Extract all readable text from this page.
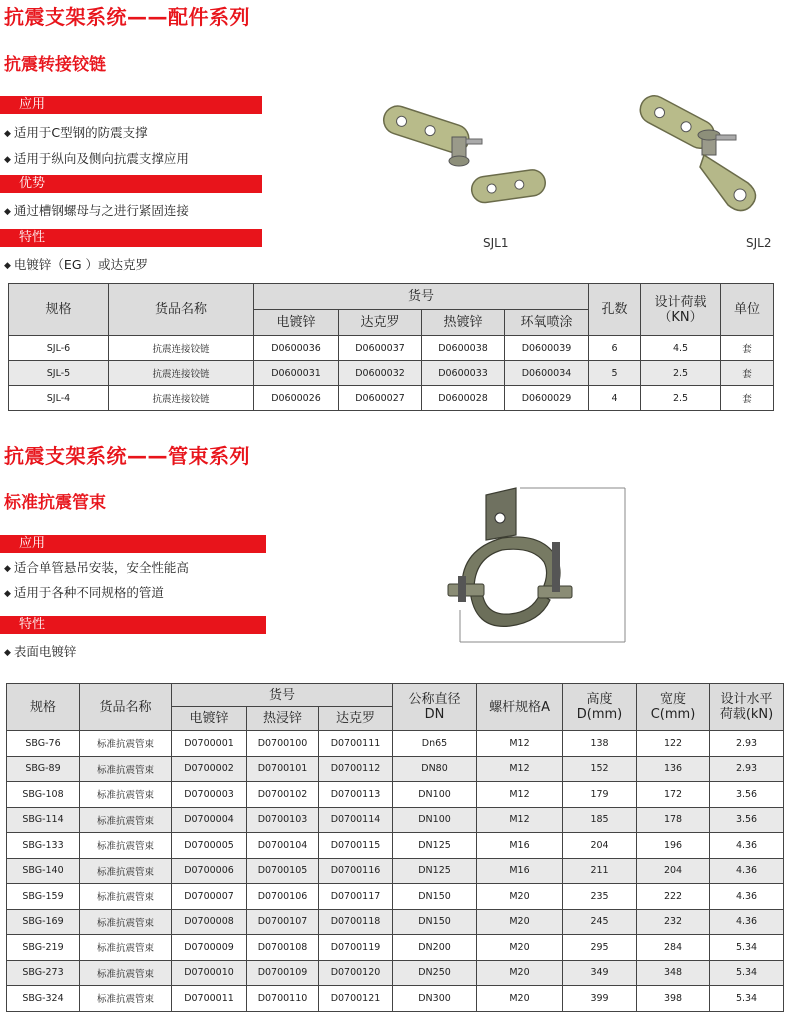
抗震支架系统——配件系列
抗震转接铰链
应用
◆ 适用于C型钢的防震支撑
◆ 适用于纵向及侧向抗震支撑应用
优势
◆ 通过槽钢螺母与之进行紧固连接
特性
◆ 电镀锌（EG ）或达克罗
SJL1	SJL2
规格	货品名称	货号				孔数	设计荷载（KN）	单位
		电镀锌	达克罗	热镀锌	环氧喷涂			
SJL-6	抗震连接铰链	D0600036	D0600037	D0600038	D0600039	6	4.5	套
SJL-5	抗震连接铰链	D0600031	D0600032	D0600033	D0600034	5	2.5	套
SJL-4	抗震连接铰链	D0600026	D0600027	D0600028	D0600029	4	2.5	套
抗震支架系统——管束系列
标准抗震管束
应用
◆ 适合单管悬吊安装，安全性能高
◆ 适用于各种不同规格的管道
特性
◆ 表面电镀锌
规格	货品名称	货号			公称直径DN	螺杆规格A	高度D(mm)	宽度C(mm)	设计水平荷载(kN)

		电镀锌	热浸锌	达克罗					
SBG-76	标准抗震管束	D0700001	D0700100	D0700111	Dn65	M12	138	122	2.93
SBG-89	标准抗震管束	D0700002	D0700101	D0700112	DN80	M12	152	136	2.93
SBG-108	标准抗震管束	D0700003	D0700102	D0700113	DN100	M12	179	172	3.56
SBG-114	标准抗震管束	D0700004	D0700103	D0700114	DN100	M12	185	178	3.56
SBG-133	标准抗震管束	D0700005	D0700104	D0700115	DN125	M16	204	196	4.36
SBG-140	标准抗震管束	D0700006	D0700105	D0700116	DN125	M16	211	204	4.36
SBG-159	标准抗震管束	D0700007	D0700106	D0700117	DN150	M20	235	222	4.36
SBG-169	标准抗震管束	D0700008	D0700107	D0700118	DN150	M20	245	232	4.36
SBG-219	标准抗震管束	D0700009	D0700108	D0700119	DN200	M20	295	284	5.34
SBG-273	标准抗震管束	D0700010	D0700109	D0700120	DN250	M20	349	348	5.34
SBG-324	标准抗震管束	D0700011	D0700110	D0700121	DN300	M20	399	398	5.34
